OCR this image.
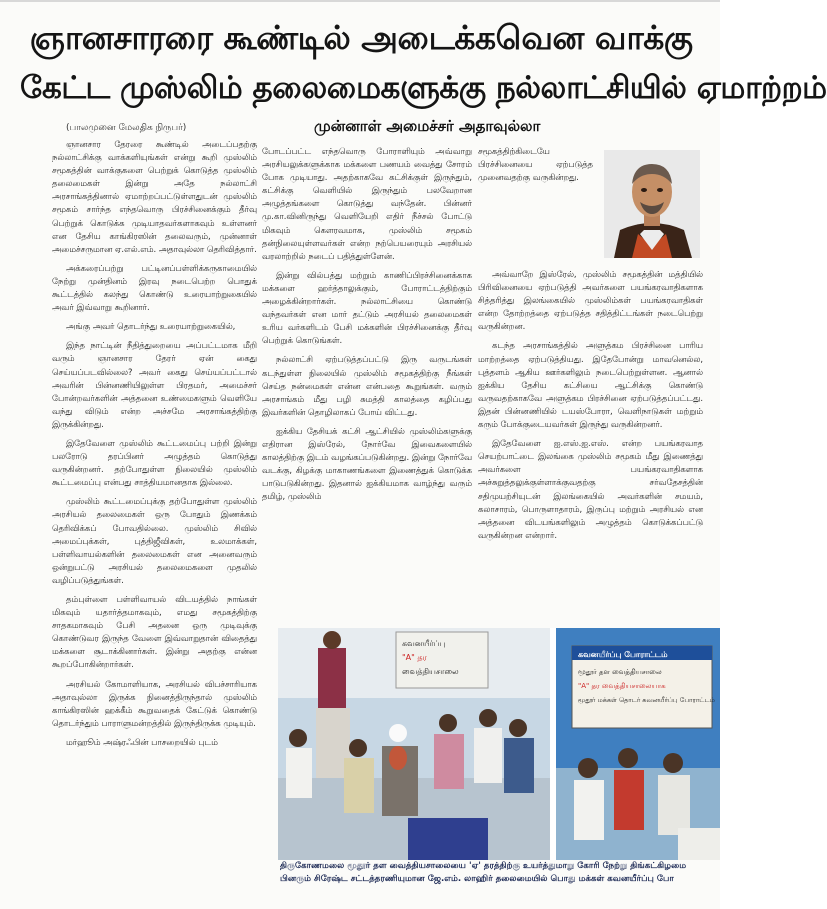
ஞானசாரரை கூண்டில் அடைக்கவென வாக்கு
கேட்ட முஸ்லிம் தலைமைகளுக்கு நல்லாட்சியில் ஏமாற்றம்
(பாலமுனை மேலதிக நிருபர்)	முன்னாள் அமைச்சர் அதாவுல்லா

ஞானசார தேரரை கூண்டில் அடைப்பதற்கு நல்லாட்சிக்கு வாக்களியுங்கள் என்று கூறி முஸ்லிம் சமூகத்தின் வாக்குகளை பெற்றுக் கொடுத்த முஸ்லிம் தலைமைகள் இன்று அதே நல்லாட்சி அரசாங்கத்தினால் ஏமாற்றப்பட்டுள்ளதுடன் முஸ்லிம் சமூகம் சார்ந்த எந்தவொரு பிரச்சினைக்கும் தீர்வு பெற்றுக் கொடுக்க முடியாதவர்களாகவும் உள்ளனர் என தேசிய காங்கிரஸின் தலைவரும், முன்னாள் அமைச்சருமான ஏ.எல்.எம். அதாவுல்லா தெரிவித்தார்.

அக்கரைப்பற்று பட்டினப்பள்ளிக்கருகாமையில் நேற்று முன்தினம் இரவு நடைபெற்ற பொதுக் கூட்டத்தில் கலந்து கொண்டு உரையாற்றுகையில் அவர் இவ்வாறு கூறினார்.

அங்கு அவர் தொடர்ந்து உரையாற்றுகையில்,

இந்த நாட்டின் நீதித்துறையை அப்பட்டமாக மீறி வரும் ஞானசார தேரர் ஏன் கைது செய்யப்படவில்லை? அவர் கைது செய்யப்பட்டால் அவரின் பின்னணியிலுள்ள பிரதமர், அமைச்சர் போன்றவர்களின் அத்தனை உண்மைகளும் வெளியே வந்து விடும் என்ற அச்சமே அரசாங்கத்திற்கு இருக்கின்றது.

இதேவேளை முஸ்லிம் கூட்டமைப்பு பற்றி இன்று பலரோடு தரப்பினர் அழுத்தம் கொடுத்து வருகின்றனர். தற்போதுள்ள நிலையில் முஸ்லிம் கூட்டமைப்பு என்பது சாத்தியமானதாக இல்லை.

முஸ்லிம் கூட்டமைப்புக்கு தற்போதுள்ள முஸ்லிம் அரசியல் தலைமைகள் ஒரு போதும் இணக்கம் தெரிவிக்கப் போவதில்லை. முஸ்லிம் சிவில் அமைப்புக்கள், புத்திஜீவிகள், உலமாக்கள், பள்ளிவாயல்களின் தலைமைகள் என அனைவரும் ஒன்றுபட்டு அரசியல் தலைமைகளை முதலில் வழிப்படுத்துங்கள்.

தம்புள்ளை பள்ளிவாயல் விடயத்தில் நாங்கள் மிகவும் யதார்த்தமாகவும், எமது சமூகத்திற்கு சாதகமாகவும் பேசி அதனை ஒரு முடிவுக்கு கொண்டுவர இருந்த வேளை இவ்வாறுதான் விதைத்து மக்களை சூடாக்கினார்கள். இன்று அதற்கு என்ன கூறப்போகின்றார்கள்.

அரசியல் கோமாளியாக, அரசியல் விபச்சாரியாக அதாவுல்லா இருக்க நினைத்திருந்தால் முஸ்லிம் காங்கிரஸின் ஹக்கீம் கூறுவதைக் கேட்டுக் கொண்டு தொடர்ந்தும் பாராளுமன்றத்தில் இருந்திருக்க முடியும்.

மர்ஹூம் அஷ்ரஃபின் பாசறையில் புடம்

போடப்பட்ட எந்தவொரு போராளியும் அவ்வாறு அரசியலுக்களுக்காக மக்களை பணயம் வைத்து சோரம் போக முடியாது. அதற்காகவே கட்சிக்குள் இருந்தும், கட்சிக்கு வெளியில் இருந்தும் பலவேறான அழுத்தங்களை கொடுத்து வந்தேன். பின்னர் மு.கா.வினிருந்து வெளியேறி எதிர் நீச்சல் போட்டு மிகவும் கௌரவமாக, முஸ்லிம் சமூகம் தன்நிலையுள்ளவர்கள் என்ற நற்பெயரையும் அரசியல் வரலாற்றில் நடைப் பதித்துள்ளேன்.

இன்று வில்பத்து மற்றும் காணிப்பிரச்சினைக்காக மக்களை ஹர்த்தாலுக்கும், போராட்டத்திற்கும் அழைக்கின்றார்கள். நல்லாட்சியை கொண்டு வந்தவர்கள் என மார் தட்டும் அரசியல் தலைமைகள் உரிய வர்களிடம் பேசி மக்களின் பிரச்சினைக்கு தீர்வு பெற்றுக் கொடுங்கள்.

நல்லாட்சி ஏற்படுத்தப்பட்டு இரு வருடங்கள் கடந்துள்ள நிலையில் முஸ்லிம் சமூகத்திற்கு நீங்கள் செய்த நன்மைகள் என்ன என்பதை கூறுங்கள். வரும் அரசாங்கம் மீது பழி சுமத்தி காலத்தை கழிப்பது இவர்களின் தொழிலாகப் போய் விட்டது.

ஐக்கிய தேசியக் கட்சி ஆட்சியில் முஸ்லிம்களுக்கு எதிரான இஸ்ரேல், நோர்வே இவைகளையில் காலத்திற்கு இடம் வழங்கப்படுகின்றது. இன்று நோர்வே வடக்கு, கிழக்கு மாகாணங்களை இணைத்துக் கொடுக்க பாடுபடுகின்றது. இதனால் ஐக்கியமாக வாழ்ந்து வரும் தமிழ், முஸ்லிம்

சமூகத்திற்கிடையே பிரச்சினையை ஏற்படுத்த முனைவதற்கு வருகின்றது.

அவ்வாறே இஸ்ரேல், முஸ்லிம் சமூகத்தின் மத்தியில் பிரிவினையை ஏற்படுத்தி அவர்களை பயங்கரவாதிகளாக சித்தரித்து இலங்கையில் முஸ்லிம்கள் பயங்கரவாதிகள் என்ற தோற்றத்தை ஏற்படுத்த சதித்திட்டங்கள் நடைபெற்று வருகின்றன.

கடந்த அரசாங்கத்தில் அளுத்கம பிரச்சினை பாரிய மாற்றத்தை ஏற்படுத்தியது. இதேபோன்று மாவனெல்ல, புத்தளம் ஆகிய ஊர்களிலும் நடைபெற்றுள்ளன. ஆனால் ஐக்கிய தேசிய கட்சியை ஆட்சிக்கு கொண்டு வருவதற்காகவே அளுத்கம பிரச்சினை ஏற்படுத்தப்பட்டது. இதன் பின்னணியில் டயஸ்போரா, வெளிநாடுகள் மற்றும் கரும் போக்குடையவர்கள் இருந்து வருகின்றனர்.

இதேவேளை ஐ.எஸ்.ஐ.எஸ். என்ற பயங்கரவாத செயற்பாட்டை இலங்கை முஸ்லிம் சமூகம் மீது இணைத்து அவர்களை பயங்கரவாதிகளாக அச்சுறுத்தலுக்குள்ளாக்குவதற்கு சர்வதேசத்தின் சதிமுயற்சியுடன் இலங்கையில் அவர்களின் சமயம், கலாசாரம், பொருளாதாரம், இருப்பு மற்றும் அரசியல் என அத்தனை விடயங்களிலும் அழுத்தம் கொடுக்கப்பட்டு வருகின்றன என்றார்.

கவனயீர்ப்பு
"A" தர
வைத்தியசாலை
கவனயீர்ப்பு போராட்டம்
மூதூர் தள வைத்தியசாலை
"A" தர வைத்தியசாலையாக
மூதூர் மக்கள் தொடர் கவனயீர்ப்பு போராட்டம்
திருகோணமலை மூதூர் தள வைத்தியசாலையை 'ஏ' தரத்திற்கு உயர்த்துமாறு கோரி நேற்று திங்கட்கிழமை
பினரும் சிரேஷ்ட சட்டத்தரணியுமான ஜே.எம். லாஹிர் தலைமையில் பொது மக்கள் கவனயீர்ப்பு போ
